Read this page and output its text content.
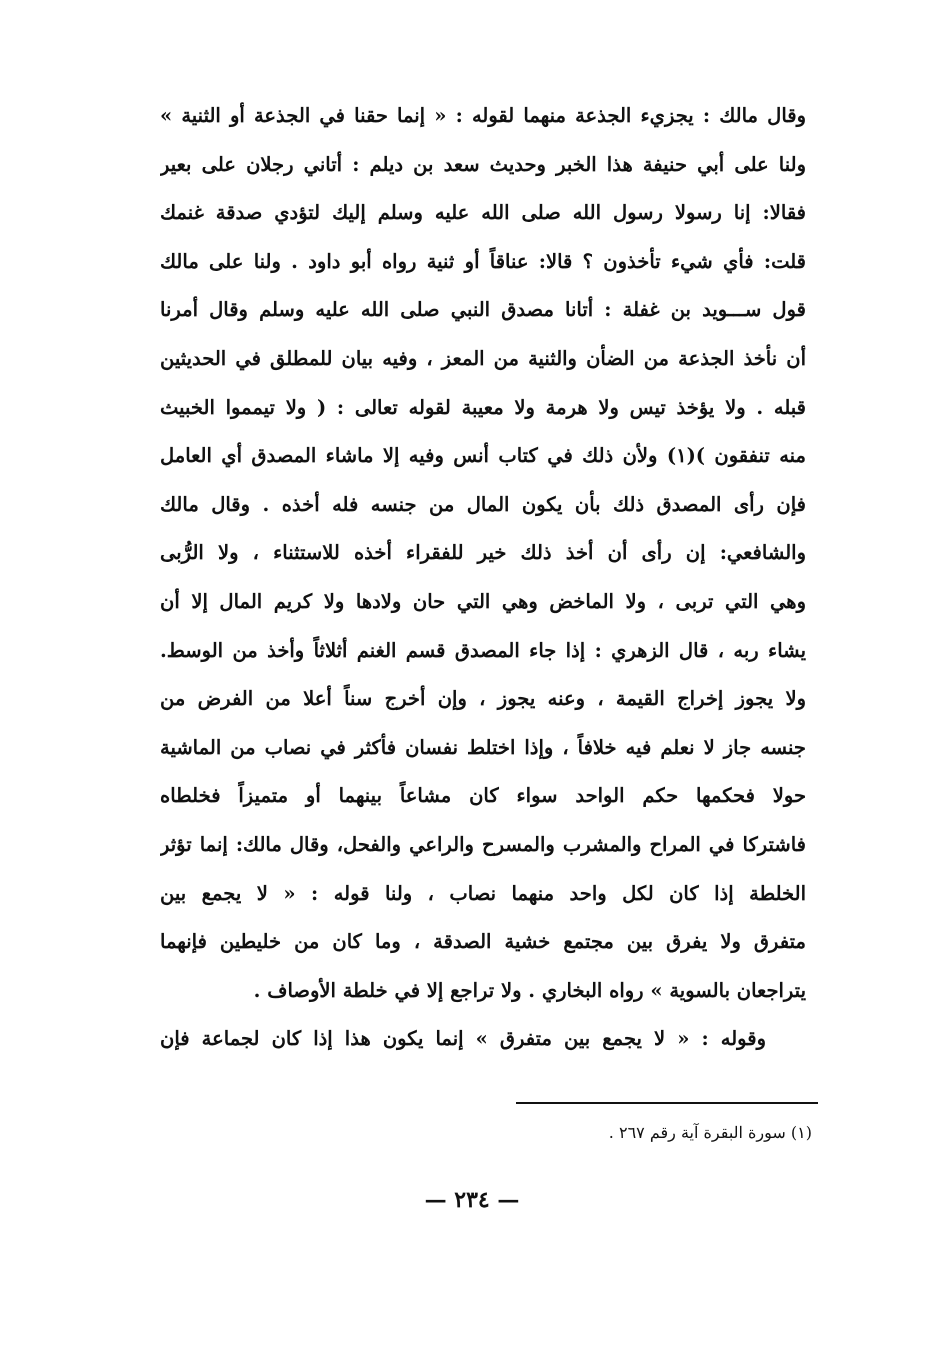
وقال مالك : يجزيء الجذعة منهما لقوله : « إنما حقنا في الجذعة أو الثنية »
ولنا على أبي حنيفة هذا الخبر وحديث سعد بن ديلم : أتاني رجلان على بعير
فقالا: إنا رسولا رسول الله صلى الله عليه وسلم إليك لتؤدي صدقة غنمك
قلت: فأي شيء تأخذون ؟ قالا: عناقاً أو ثنية رواه أبو داود . ولنا على مالك
قول ســـويد بن غفلة : أتانا مصدق النبي صلى الله عليه وسلم وقال أمرنا
أن نأخذ الجذعة من الضأن والثنية من المعز ، وفيه بيان للمطلق في الحديثين
قبله . ولا يؤخذ تيس ولا هرمة ولا معيبة لقوله تعالى : ( ولا تيمموا الخبيث
منه تنفقون )(١) ولأن ذلك في كتاب أنس وفيه إلا ماشاء المصدق أي العامل
فإن رأى المصدق ذلك بأن يكون المال من جنسه فله أخذه . وقال مالك
والشافعي: إن رأى أن أخذ ذلك خير للفقراء أخذه للاستثناء ، ولا الرُّبى
وهي التي تربى ، ولا الماخض وهي التي حان ولادها ولا كريم المال إلا أن
يشاء ربه ، قال الزهري : إذا جاء المصدق قسم الغنم أثلاثاً وأخذ من الوسط.
ولا يجوز إخراج القيمة ، وعنه يجوز ، وإن أخرج سناً أعلا من الفرض من
جنسه جاز لا نعلم فيه خلافاً ، وإذا اختلط نفسان فأكثر في نصاب من الماشية
حولا فحكمها حكم الواحد سواء كان مشاعاً بينهما أو متميزاً فخلطاه
فاشتركا في المراح والمشرب والمسرح والراعي والفحل، وقال مالك: إنما تؤثر
الخلطة إذا كان لكل واحد منهما نصاب ، ولنا قوله : « لا يجمع بين
متفرق ولا يفرق بين مجتمع خشية الصدقة ، وما كان من خليطين فإنهما
يتراجعان بالسوية » رواه البخاري . ولا تراجع إلا في خلطة الأوصاف .
وقوله : « لا يجمع بين متفرق » إنما يكون هذا إذا كان لجماعة فإن
(١) سورة البقرة آية رقم ٢٦٧ .
— ٢٣٤ —
